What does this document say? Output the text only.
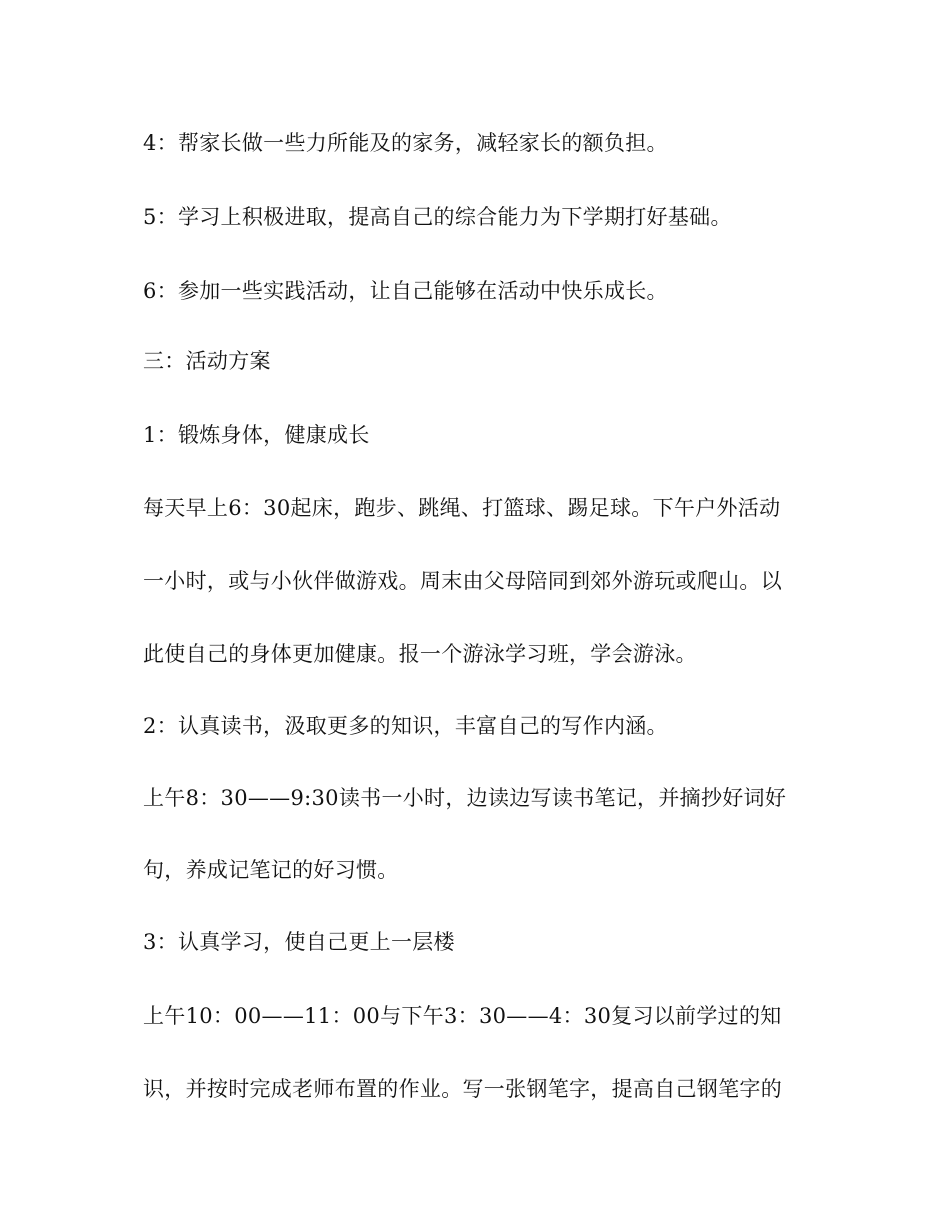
4：帮家长做一些力所能及的家务，减轻家长的额负担。
5：学习上积极进取，提高自己的综合能力为下学期打好基础。
6：参加一些实践活动，让自己能够在活动中快乐成长。
三：活动方案
1：锻炼身体，健康成长
每天早上6：30起床，跑步、跳绳、打篮球、踢足球。下午户外活动
一小时，或与小伙伴做游戏。周末由父母陪同到郊外游玩或爬山。以
此使自己的身体更加健康。报一个游泳学习班，学会游泳。
2：认真读书，汲取更多的知识，丰富自己的写作内涵。
上午8：30——9:30读书一小时，边读边写读书笔记，并摘抄好词好
句，养成记笔记的好习惯。
3：认真学习，使自己更上一层楼
上午10：00——11：00与下午3：30——4：30复习以前学过的知
识，并按时完成老师布置的作业。写一张钢笔字，提高自己钢笔字的
